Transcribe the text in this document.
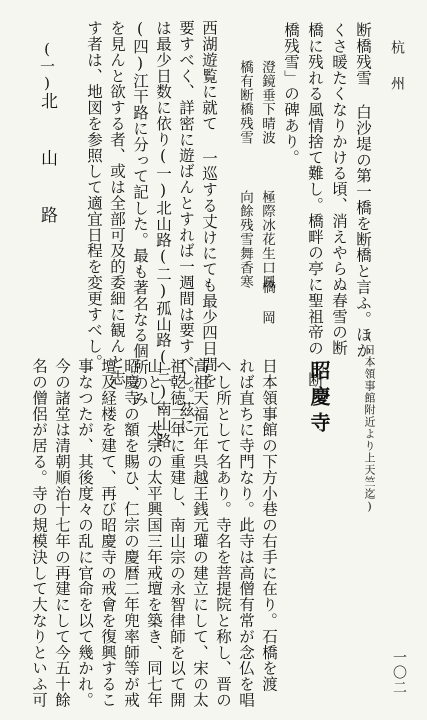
杭 州
一〇二
断橋残雪 白沙堤の第一橋を断橋と言ふ。ほか
くさ暖たくなりかける頃、消えやらぬ春雪の断
橋に残れる風情捨て難し。橋畔の亭に聖祖帝の「断
橋残雪」の碑あり。
澄鏡垂下晴波
橋有断橋残雪
橋 岡
極際冰花生口鳳
向餘残雪舞香寒
西湖遊覧に就て 一巡する丈けにても最少四日間を
要すべく、詳密に遊ばんとすれば一週間は要すべし。茲に
は最少日数に依り(一)北山路(二)孤山路(三)南山路
(四)江干路に分って記した。最も著名なる個所のみ
を見んと欲する者、或は全部可及的委細に観んと志
す者は、地図を参照して適宜日程を変更すべし。
(一)
北 山 路
(日本領事館附近より上天竺迄)
昭慶寺
日本領事館の下方小巷の右手に在り。石橋を渡
れば直ちに寺門なり。此寺は高僧有常が念仏を唱
へし所として名あり。寺名を菩提院と称し、晋の
高祖天福元年呉越王銭元瓘の建立にして、宋の太
祖乾徳二年に重建し、南山宗の永智律師を以て開
山とし、太宗の太平興国三年戒壇を築き、同七年
昭慶寺の額を賜ひ、仁宗の慶暦二年兜率師等が戒
壇及経楼を建て、再び昭慶寺の戒會を復興するこ
事なつたが、其後度々の乱に官命を以て幾かれ。
今の諸堂は清朝順治十七年の再建にして今五十餘
名の僧侶が居る。寺の規模決して大なりといふ可
